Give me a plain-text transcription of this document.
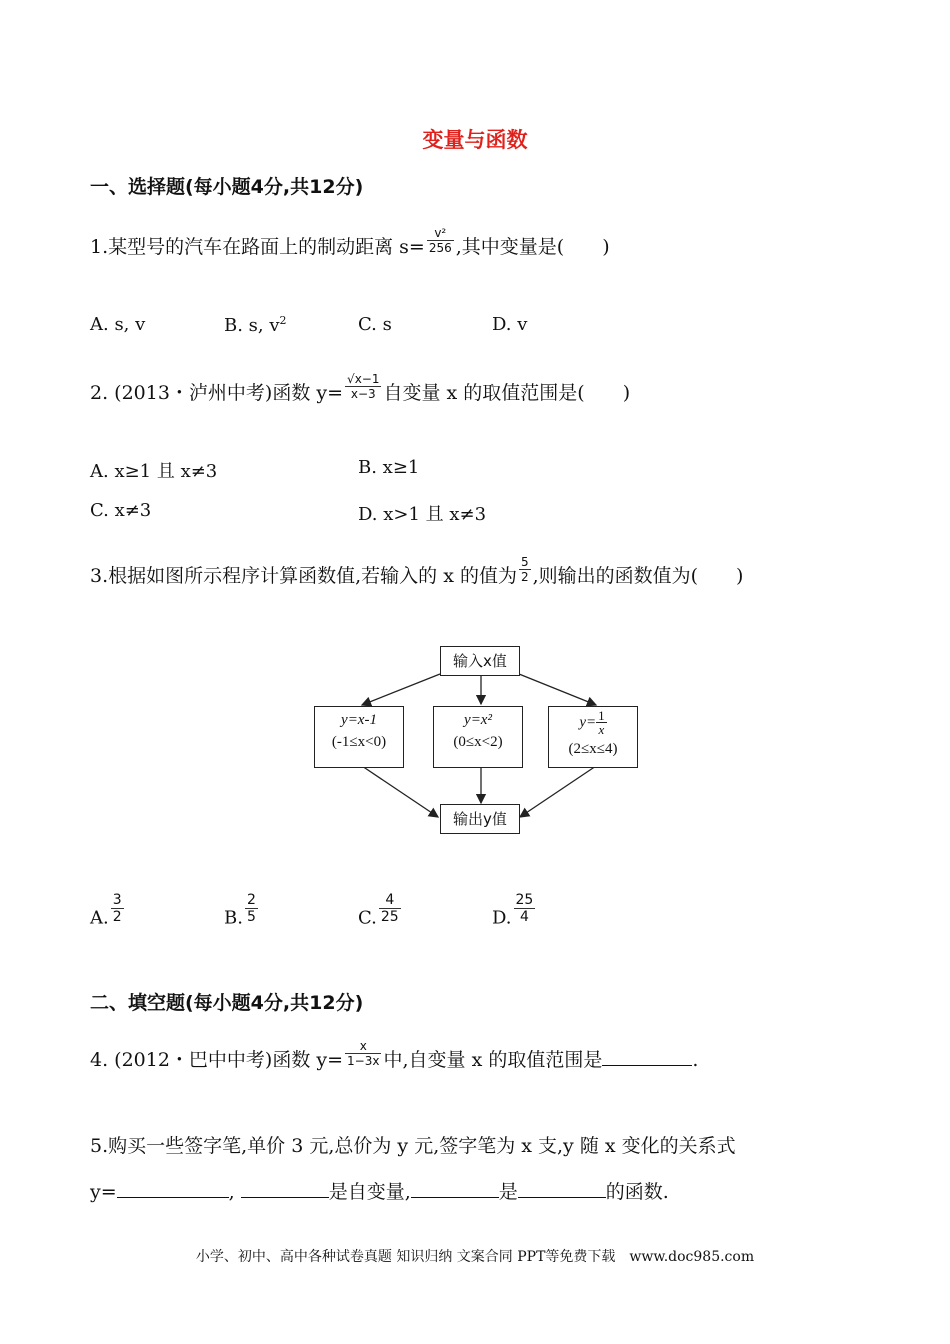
变量与函数
一、选择题(每小题4分,共12分)
1.某型号的汽车在路面上的制动距离 $s= \frac{\text{v²}}{256}$ ,其中变量是(　　)
A. s, v	B. s, $v^2$	C. s	D. v
2. (2013・泸州中考)函数 $y= \frac{√x-1}{x-3}$ 自变量 x 的取值范围是(　　)
A. x≥1 且 x≠3	B. x≥1
C. x≠3	D. x>1 且 x≠3
3.根据如图所示程序计算函数值,若输入的 x 的值为 $\frac{5}{2}$ ,则输出的函数值为(　　)
输入x值
y=x-1
(-1≤x<0)
y=x²
(0≤x<2)
$y= \frac{1}{x}$
(2≤x≤4)
输出y值
A. $\frac{3}{2}$	B. $\frac{2}{5}$	C. $\frac{4}{25}$	D. $\frac{25}{4}$
二、填空题(每小题4分,共12分)
4. (2012・巴中中考)函数 $y= \frac{x}{1-3x}$ 中,自变量 x 的取值范围是	.
5.购买一些签字笔,单价 3 元,总价为 y 元,签字笔为 x 支,y 随 x 变化的关系式
y=	,	是自变量,	是	的函数.
小学、初中、高中各种试卷真题 知识归纳 文案合同 PPT等免费下载　www.doc985.com
